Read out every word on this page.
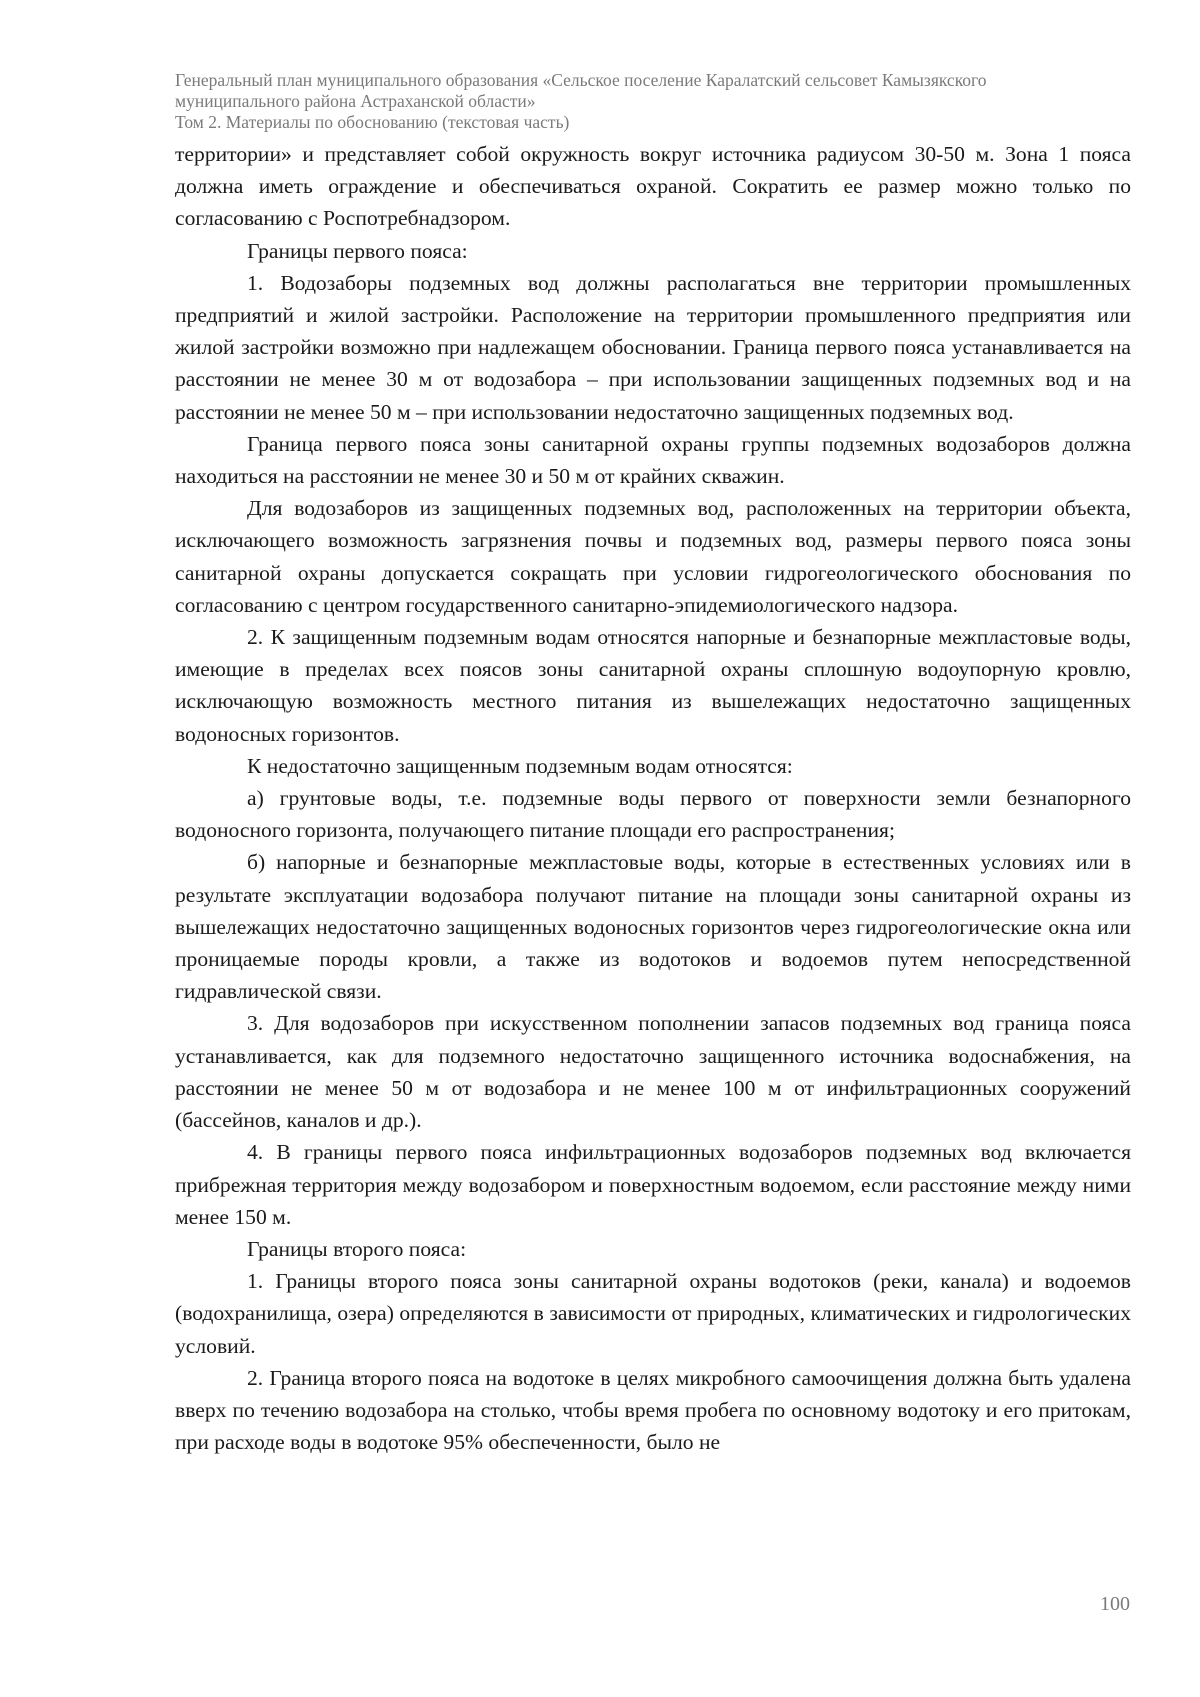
Генеральный план муниципального образования «Сельское поселение Каралатский сельсовет Камызякского
муниципального района Астраханской области»
Том 2. Материалы по обоснованию (текстовая часть)

территории» и представляет собой окружность вокруг источника радиусом 30-50 м. Зона 1 пояса должна иметь ограждение и обеспечиваться охраной. Сократить ее размер можно только по согласованию с Роспотребнадзором.

Границы первого пояса:

1. Водозаборы подземных вод должны располагаться вне территории промышленных предприятий и жилой застройки. Расположение на территории промышленного предприятия или жилой застройки возможно при надлежащем обосновании. Граница первого пояса устанавливается на расстоянии не менее 30 м от водозабора – при использовании защищенных подземных вод и на расстоянии не менее 50 м – при использовании недостаточно защищенных подземных вод.

Граница первого пояса зоны санитарной охраны группы подземных водозаборов должна находиться на расстоянии не менее 30 и 50 м от крайних скважин.

Для водозаборов из защищенных подземных вод, расположенных на территории объекта, исключающего возможность загрязнения почвы и подземных вод, размеры первого пояса зоны санитарной охраны допускается сокращать при условии гидрогеологического обоснования по согласованию с центром государственного санитарно-эпидемиологического надзора.

2. К защищенным подземным водам относятся напорные и безнапорные межпластовые воды, имеющие в пределах всех поясов зоны санитарной охраны сплошную водоупорную кровлю, исключающую возможность местного питания из вышележащих недостаточно защищенных водоносных горизонтов.

К недостаточно защищенным подземным водам относятся:

а) грунтовые воды, т.е. подземные воды первого от поверхности земли безнапорного водоносного горизонта, получающего питание площади его распространения;

б) напорные и безнапорные межпластовые воды, которые в естественных условиях или в результате эксплуатации водозабора получают питание на площади зоны санитарной охраны из вышележащих недостаточно защищенных водоносных горизонтов через гидрогеологические окна или проницаемые породы кровли, а также из водотоков и водоемов путем непосредственной гидравлической связи.

3. Для водозаборов при искусственном пополнении запасов подземных вод граница пояса устанавливается, как для подземного недостаточно защищенного источника водоснабжения, на расстоянии не менее 50 м от водозабора и не менее 100 м от инфильтрационных сооружений (бассейнов, каналов и др.).

4. В границы первого пояса инфильтрационных водозаборов подземных вод включается прибрежная территория между водозабором и поверхностным водоемом, если расстояние между ними менее 150 м.

Границы второго пояса:

1. Границы второго пояса зоны санитарной охраны водотоков (реки, канала) и водоемов (водохранилища, озера) определяются в зависимости от природных, климатических и гидрологических условий.

2. Граница второго пояса на водотоке в целях микробного самоочищения должна быть удалена вверх по течению водозабора на столько, чтобы время пробега по основному водотоку и его притокам, при расходе воды в водотоке 95% обеспеченности, было не

100
